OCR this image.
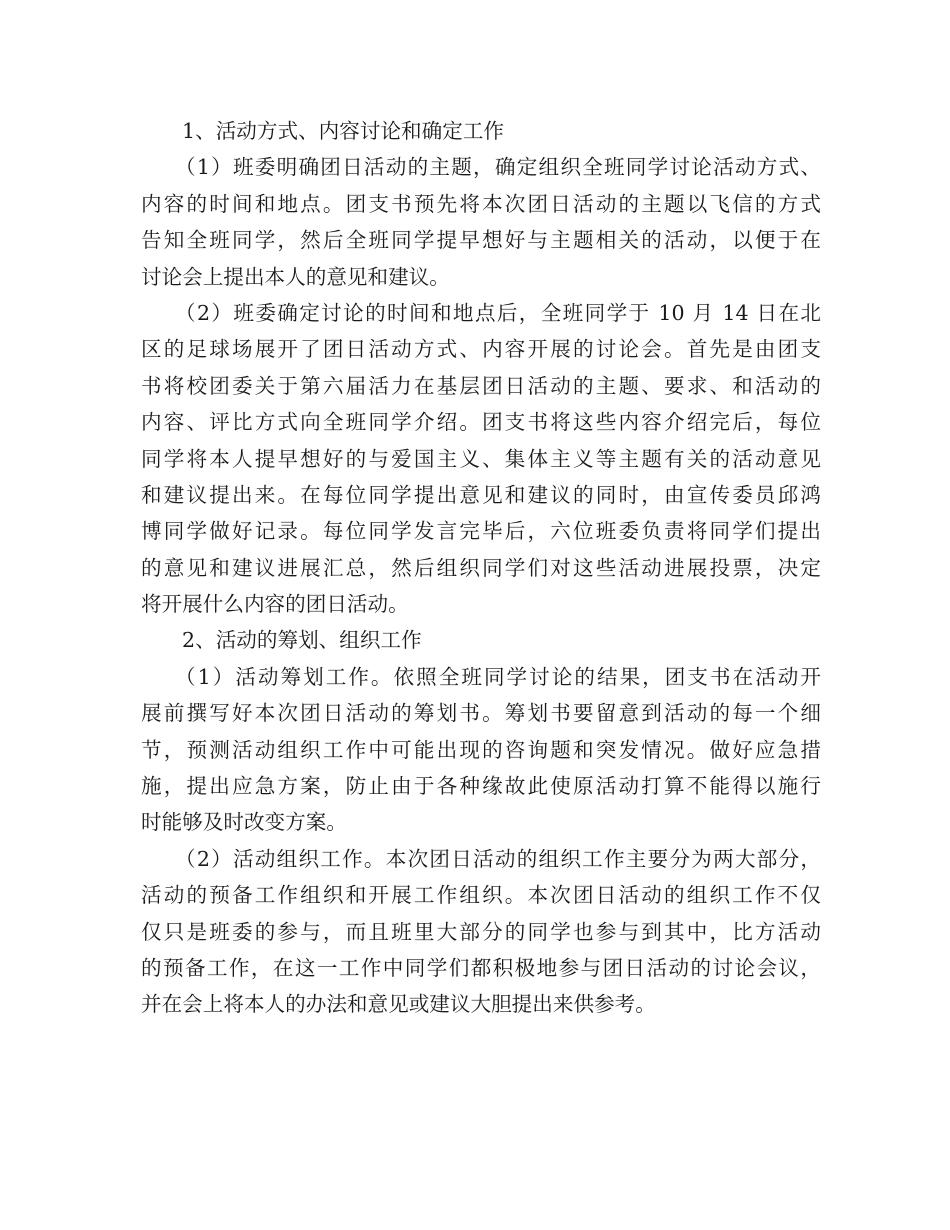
1、活动方式、内容讨论和确定工作
（1）班委明确团日活动的主题，确定组织全班同学讨论活动方式、
内容的时间和地点。团支书预先将本次团日活动的主题以飞信的方式
告知全班同学，然后全班同学提早想好与主题相关的活动，以便于在
讨论会上提出本人的意见和建议。
（2）班委确定讨论的时间和地点后，全班同学于 10 月 14 日在北
区的足球场展开了团日活动方式、内容开展的讨论会。首先是由团支
书将校团委关于第六届活力在基层团日活动的主题、要求、和活动的
内容、评比方式向全班同学介绍。团支书将这些内容介绍完后，每位
同学将本人提早想好的与爱国主义、集体主义等主题有关的活动意见
和建议提出来。在每位同学提出意见和建议的同时，由宣传委员邱鸿
博同学做好记录。每位同学发言完毕后，六位班委负责将同学们提出
的意见和建议进展汇总，然后组织同学们对这些活动进展投票，决定
将开展什么内容的团日活动。
2、活动的筹划、组织工作
（1）活动筹划工作。依照全班同学讨论的结果，团支书在活动开
展前撰写好本次团日活动的筹划书。筹划书要留意到活动的每一个细
节，预测活动组织工作中可能出现的咨询题和突发情况。做好应急措
施，提出应急方案，防止由于各种缘故此使原活动打算不能得以施行
时能够及时改变方案。
（2）活动组织工作。本次团日活动的组织工作主要分为两大部分，
活动的预备工作组织和开展工作组织。本次团日活动的组织工作不仅
仅只是班委的参与，而且班里大部分的同学也参与到其中，比方活动
的预备工作，在这一工作中同学们都积极地参与团日活动的讨论会议，
并在会上将本人的办法和意见或建议大胆提出来供参考。
